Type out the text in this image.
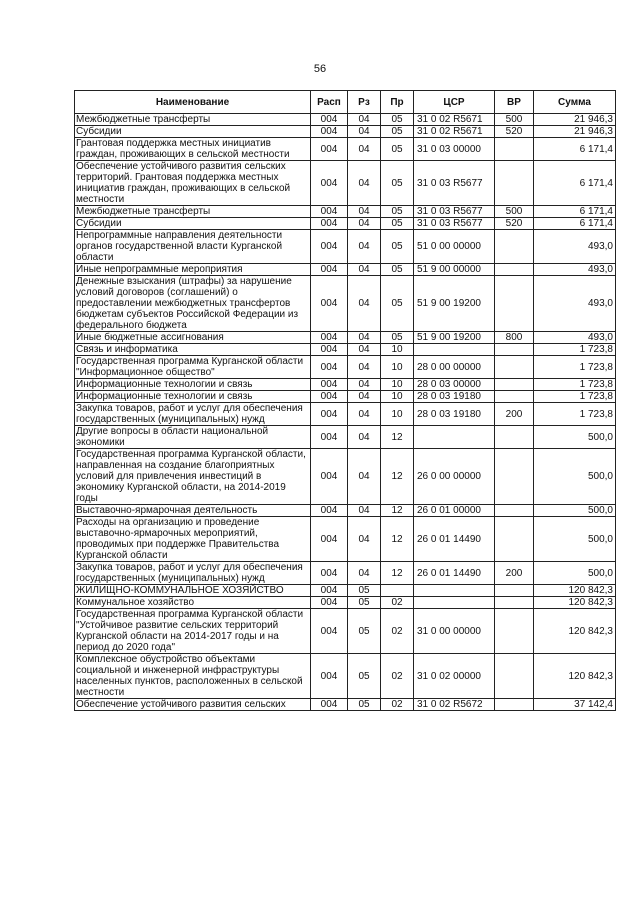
56
Наименование	Расп	Рз	Пр	ЦСР	ВР	Сумма
Межбюджетные трансферты	004	04	05	31 0 02 R5671	500	21 946,3
Субсидии	004	04	05	31 0 02 R5671	520	21 946,3
Грантовая поддержка местных инициатив граждан, проживающих в сельской местности	004	04	05	31 0 03 00000		6 171,4
Обеспечение устойчивого развития сельских территорий. Грантовая поддержка местных инициатив граждан, проживающих в сельской местности	004	04	05	31 0 03 R5677		6 171,4
Межбюджетные трансферты	004	04	05	31 0 03 R5677	500	6 171,4
Субсидии	004	04	05	31 0 03 R5677	520	6 171,4
Непрограммные направления деятельности органов государственной власти Курганской области	004	04	05	51 0 00 00000		493,0
Иные непрограммные мероприятия	004	04	05	51 9 00 00000		493,0
Денежные взыскания (штрафы) за нарушение условий договоров (соглашений) о предоставлении межбюджетных трансфертов бюджетам субъектов Российской Федерации из федерального бюджета	004	04	05	51 9 00 19200		493,0
Иные бюджетные ассигнования	004	04	05	51 9 00 19200	800	493,0
Связь и информатика	004	04	10			1 723,8
Государственная программа Курганской области "Информационное общество"	004	04	10	28 0 00 00000		1 723,8
Информационные технологии и связь	004	04	10	28 0 03 00000		1 723,8
Информационные технологии и связь	004	04	10	28 0 03 19180		1 723,8
Закупка товаров, работ и услуг для обеспечения государственных (муниципальных) нужд	004	04	10	28 0 03 19180	200	1 723,8
Другие вопросы в области национальной экономики	004	04	12			500,0
Государственная программа Курганской области, направленная на создание благоприятных условий для привлечения инвестиций в экономику Курганской области, на 2014-2019 годы	004	04	12	26 0 00 00000		500,0
Выставочно-ярмарочная деятельность	004	04	12	26 0 01 00000		500,0
Расходы на организацию и проведение выставочно-ярмарочных мероприятий, проводимых при поддержке Правительства Курганской области	004	04	12	26 0 01 14490		500,0
Закупка товаров, работ и услуг для обеспечения государственных (муниципальных) нужд	004	04	12	26 0 01 14490	200	500,0
ЖИЛИЩНО-КОММУНАЛЬНОЕ ХОЗЯЙСТВО	004	05				120 842,3
Коммунальное хозяйство	004	05	02			120 842,3
Государственная программа Курганской области "Устойчивое развитие сельских территорий Курганской области на 2014-2017 годы и на период до 2020 года"	004	05	02	31 0 00 00000		120 842,3
Комплексное обустройство объектами социальной и инженерной инфраструктуры населенных пунктов, расположенных в сельской местности	004	05	02	31 0 02 00000		120 842,3
Обеспечение устойчивого развития сельских	004	05	02	31 0 02 R5672		37 142,4
